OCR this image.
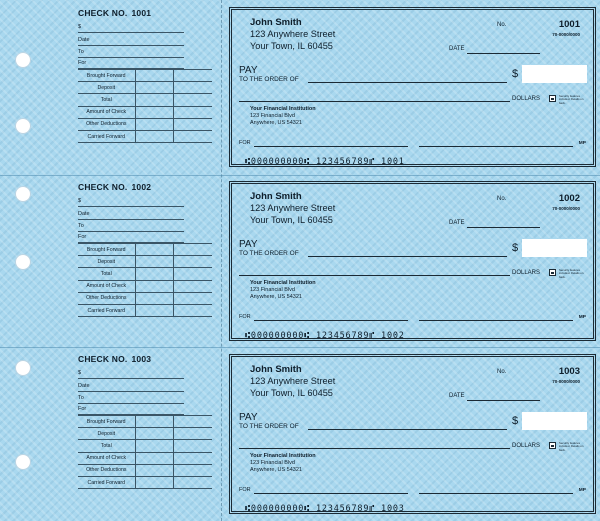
CHECK NO. 1001
$
Date
To
For
Brought Forward		
Deposit		
Total		
Amount of Check		
Other Deductions		
Carried Forward		
John Smith
123 Anywhere Street
Your Town, IL 60455
No.	1001
70-0000/0000
DATE
PAY
TO THE ORDER OF	$
DOLLARS	Security features included. Details on back.
Your Financial Institution
123 Financial Blvd
Anywhere, US 54321
FOR	MP
⑆000000000⑆ 123456789⑈ 1001
CHECK NO. 1002
$
Date
To
For
Brought Forward		
Deposit		
Total		
Amount of Check		
Other Deductions		
Carried Forward		
John Smith
123 Anywhere Street
Your Town, IL 60455
No.	1002
70-0000/0000
DATE
PAY
TO THE ORDER OF	$
DOLLARS	Security features included. Details on back.
Your Financial Institution
123 Financial Blvd
Anywhere, US 54321
FOR	MP
⑆000000000⑆ 123456789⑈ 1002
CHECK NO. 1003
$
Date
To
For
Brought Forward		
Deposit		
Total		
Amount of Check		
Other Deductions		
Carried Forward		
John Smith
123 Anywhere Street
Your Town, IL 60455
No.	1003
70-0000/0000
DATE
PAY
TO THE ORDER OF	$
DOLLARS	Security features included. Details on back.
Your Financial Institution
123 Financial Blvd
Anywhere, US 54321
FOR	MP
⑆000000000⑆ 123456789⑈ 1003
